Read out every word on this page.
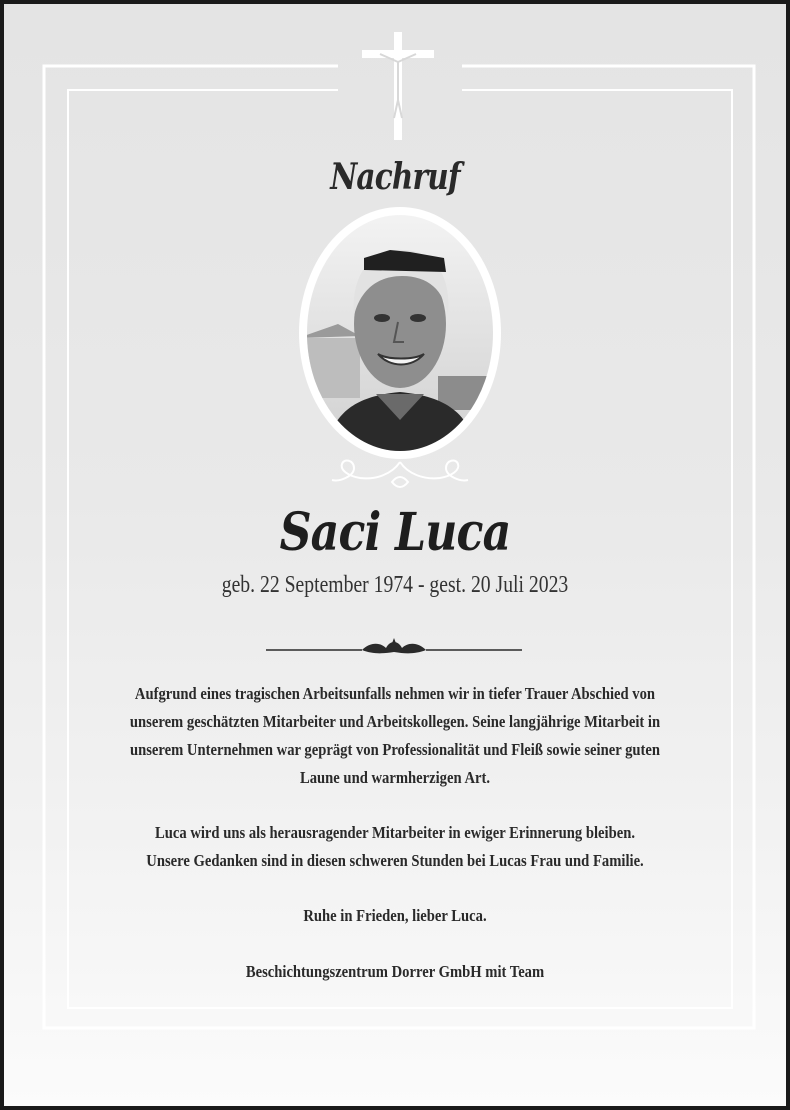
Nachruf
Saci Luca
geb. 22 September 1974 - gest. 20 Juli 2023
Aufgrund eines tragischen Arbeitsunfalls nehmen wir in tiefer Trauer Abschied von unserem geschätzten Mitarbeiter und Arbeitskollegen. Seine langjährige Mitarbeit in unserem Unternehmen war geprägt von Professionalität und Fleiß sowie seiner guten Laune und warmherzigen Art.
Luca wird uns als herausragender Mitarbeiter in ewiger Erinnerung bleiben.
Unsere Gedanken sind in diesen schweren Stunden bei Lucas Frau und Familie.
Ruhe in Frieden, lieber Luca.
Beschichtungszentrum Dorrer GmbH mit Team
